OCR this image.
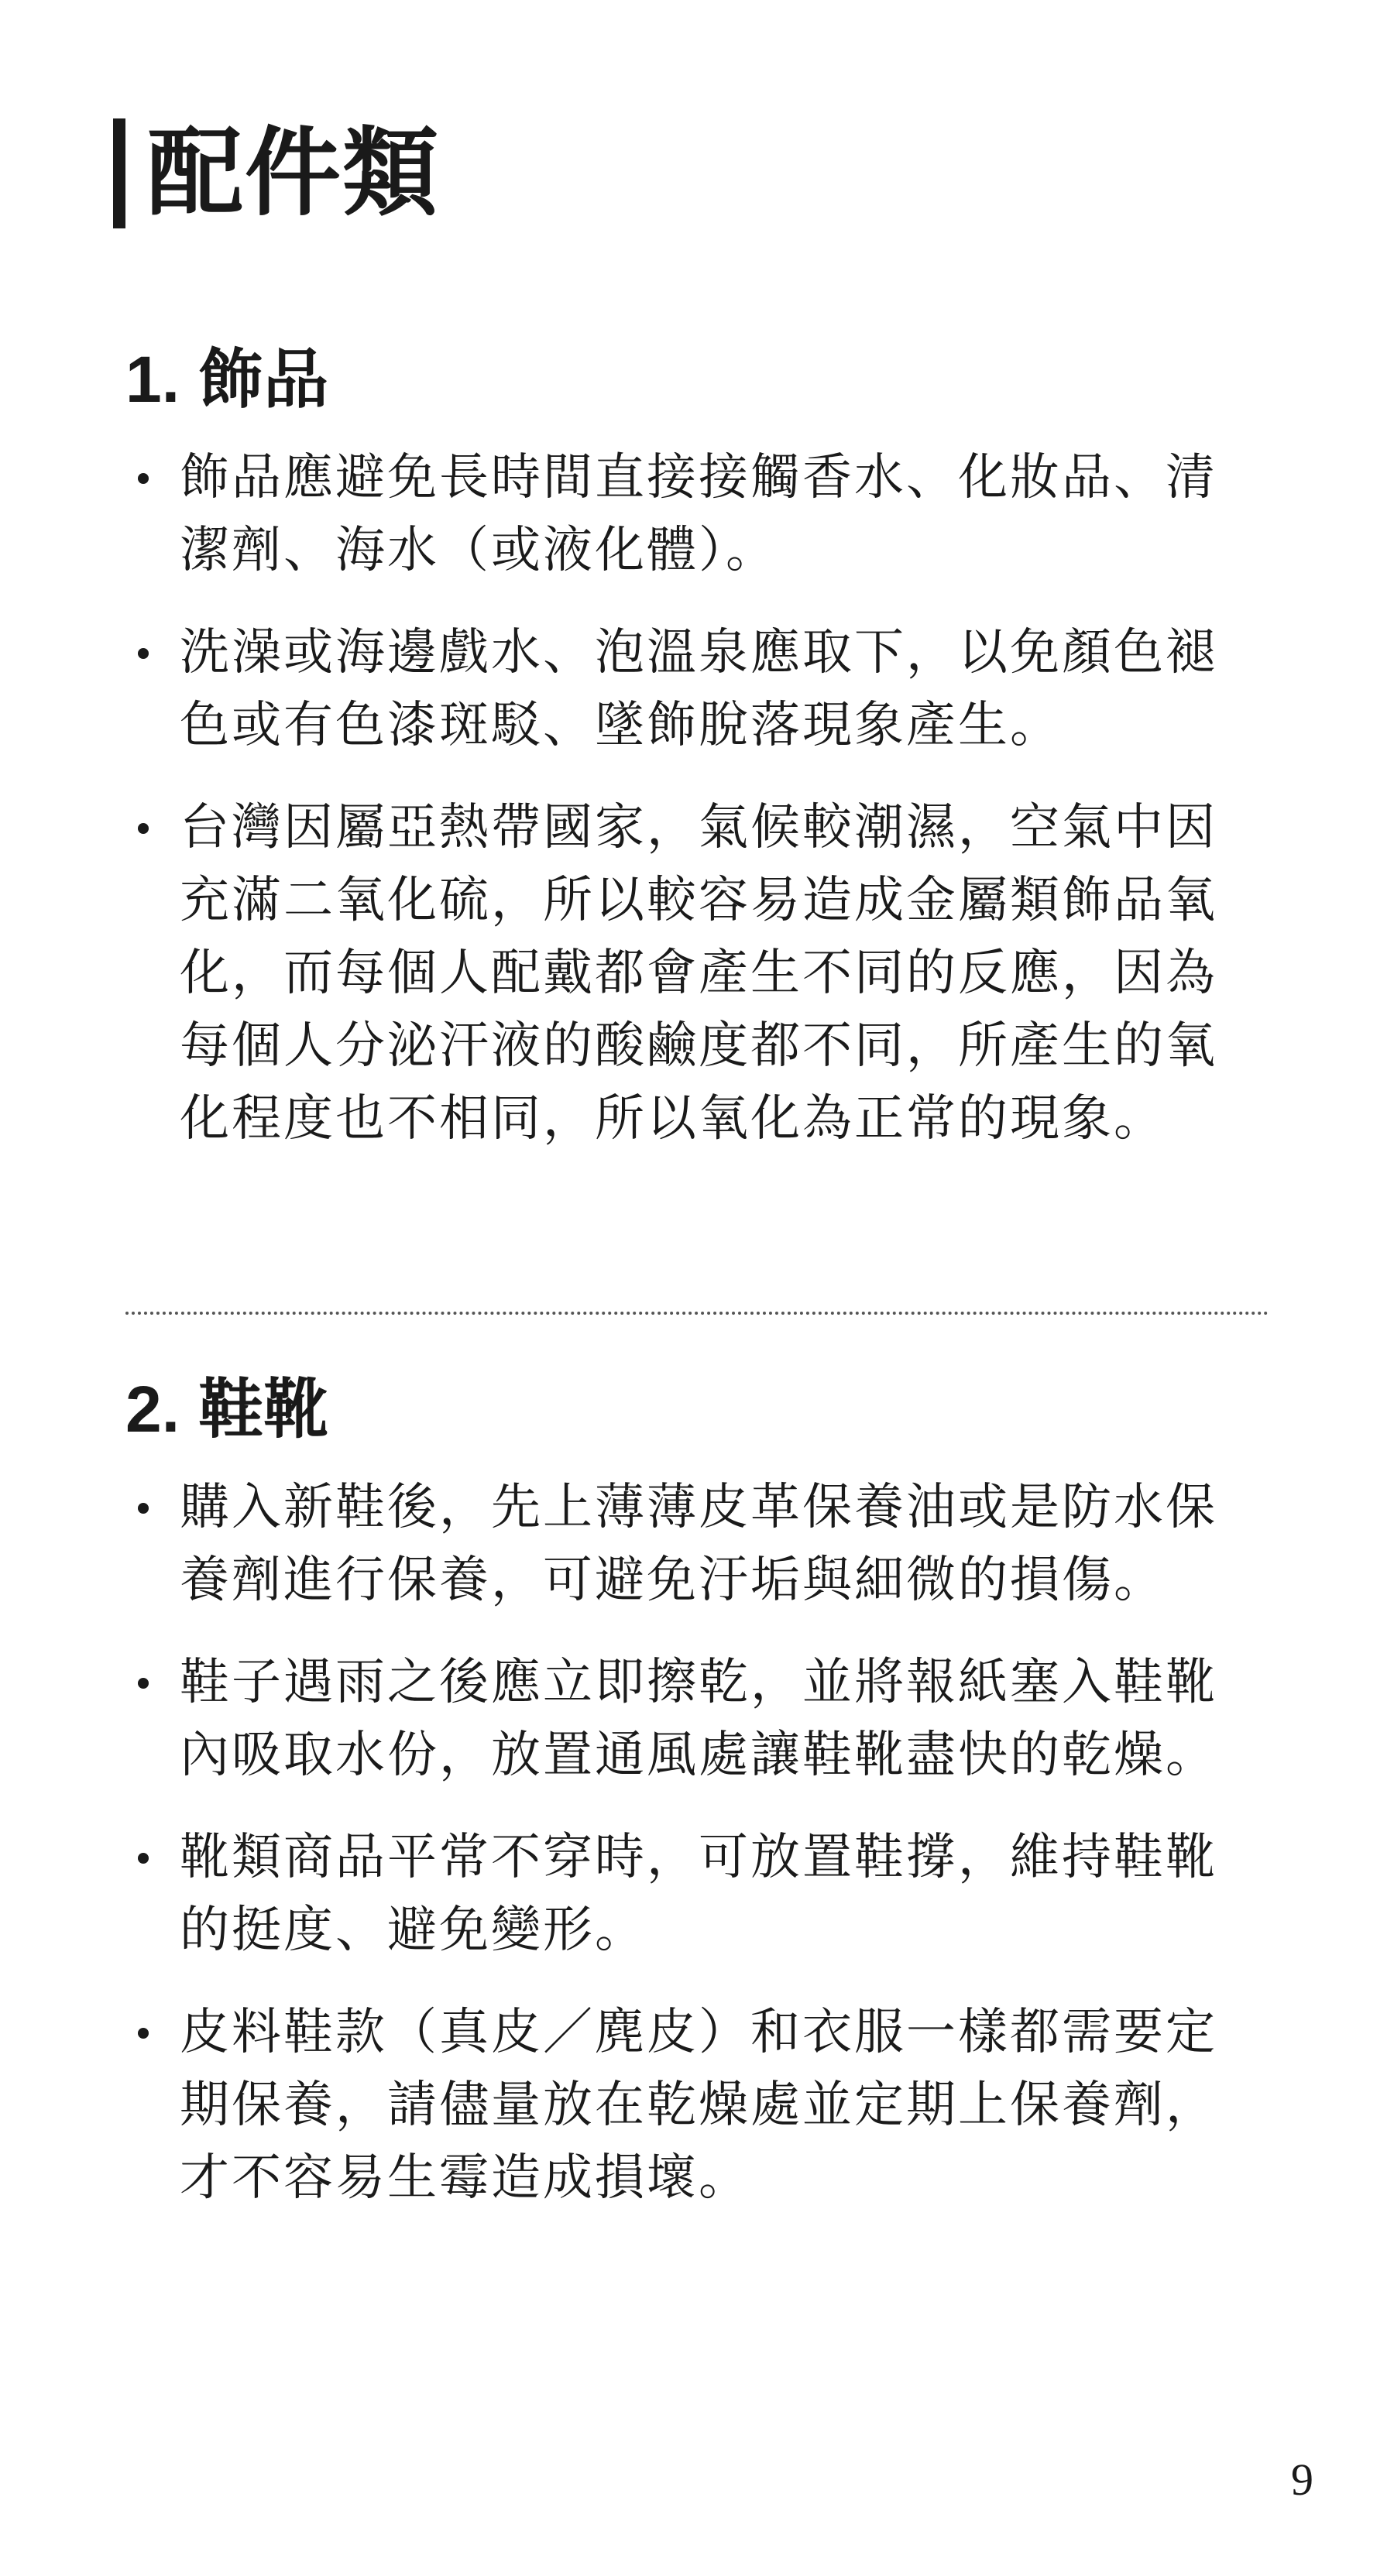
配件類
1. 飾品
飾品應避免長時間直接接觸香水、化妝品、清潔劑、海水（或液化體）。
洗澡或海邊戲水、泡溫泉應取下，以免顏色褪色或有色漆斑駁、墜飾脫落現象產生。
台灣因屬亞熱帶國家，氣候較潮濕，空氣中因充滿二氧化硫，所以較容易造成金屬類飾品氧化，而每個人配戴都會產生不同的反應，因為每個人分泌汗液的酸鹼度都不同，所產生的氧化程度也不相同，所以氧化為正常的現象。
2. 鞋靴
購入新鞋後，先上薄薄皮革保養油或是防水保養劑進行保養，可避免汙垢與細微的損傷。
鞋子遇雨之後應立即擦乾，並將報紙塞入鞋靴內吸取水份，放置通風處讓鞋靴盡快的乾燥。
靴類商品平常不穿時，可放置鞋撐，維持鞋靴的挺度、避免變形。
皮料鞋款（真皮／麂皮）和衣服一樣都需要定期保養，請儘量放在乾燥處並定期上保養劑，才不容易生霉造成損壞。
9
